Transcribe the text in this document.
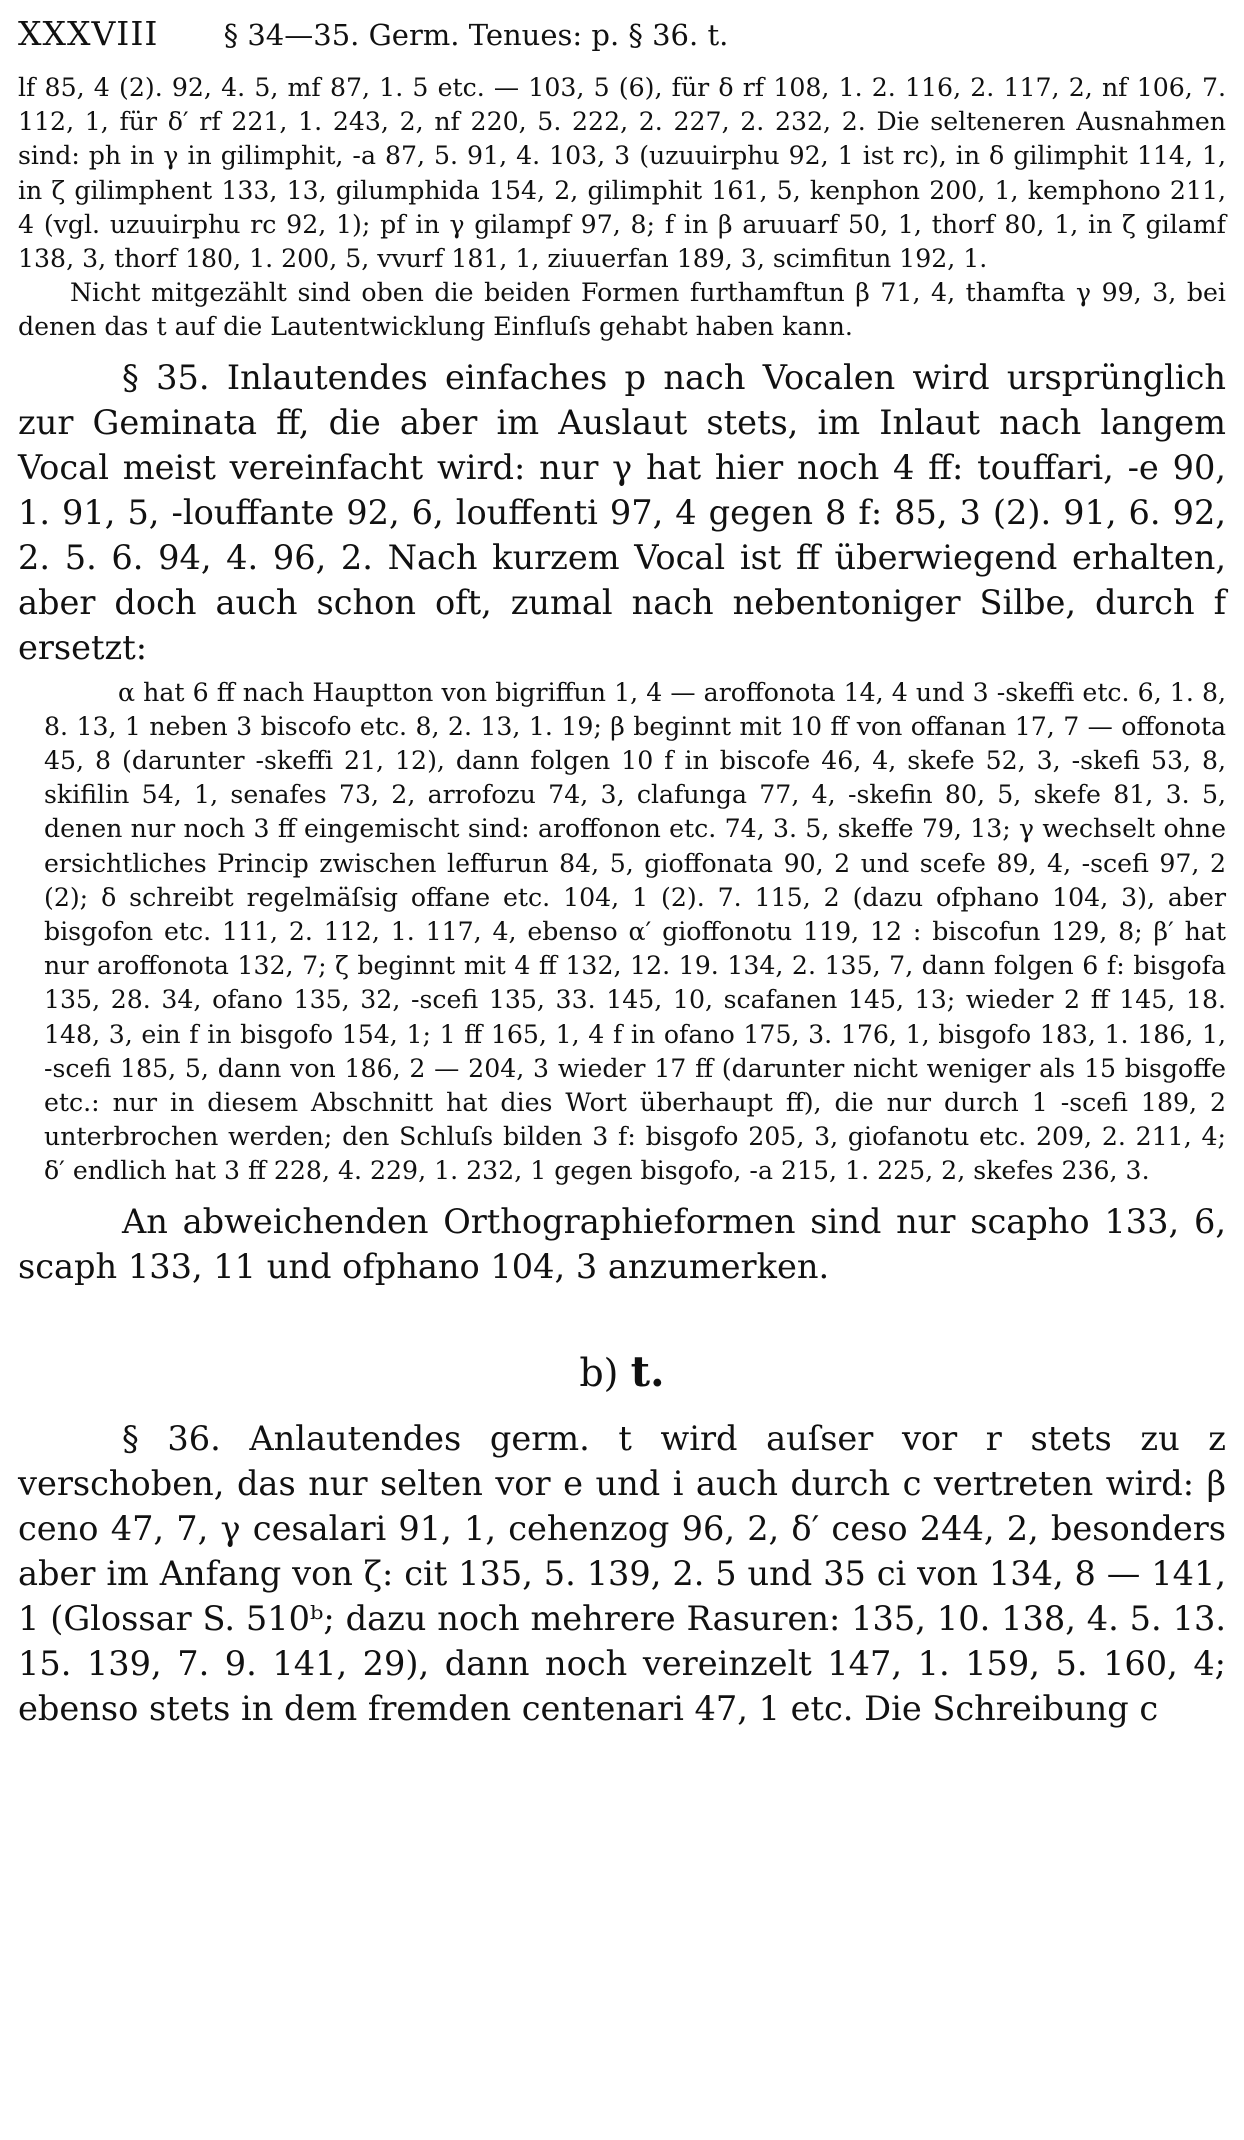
XXXVIII § 34—35. Germ. Tenues: p. § 36. t.

lf 85, 4 (2). 92, 4. 5, mf 87, 1. 5 etc. — 103, 5 (6), für δ rf 108, 1. 2. 116, 2. 117, 2, nf 106, 7. 112, 1, für δ′ rf 221, 1. 243, 2, nf 220, 5. 222, 2. 227, 2. 232, 2. Die selteneren Ausnahmen sind: ph in γ in gilimphit, -a 87, 5. 91, 4. 103, 3 (uzuuirphu 92, 1 ist rc), in δ gilimphit 114, 1, in ζ gilimphent 133, 13, gilumphida 154, 2, gilimphit 161, 5, kenphon 200, 1, kemphono 211, 4 (vgl. uzuuirphu rc 92, 1); pf in γ gilampf 97, 8; f in β aruuarf 50, 1, thorf 80, 1, in ζ gilamf 138, 3, thorf 180, 1. 200, 5, vvurf 181, 1, ziuuerfan 189, 3, scimfitun 192, 1.

Nicht mitgezählt sind oben die beiden Formen furthamftun β 71, 4, thamfta γ 99, 3, bei denen das t auf die Lautentwicklung Einfluſs gehabt haben kann.

§ 35. Inlautendes einfaches p nach Vocalen wird ursprünglich zur Geminata ff, die aber im Auslaut stets, im Inlaut nach langem Vocal meist vereinfacht wird: nur γ hat hier noch 4 ff: touffari, -e 90, 1. 91, 5, -louffante 92, 6, louffenti 97, 4 gegen 8 f: 85, 3 (2). 91, 6. 92, 2. 5. 6. 94, 4. 96, 2. Nach kurzem Vocal ist ff überwiegend erhalten, aber doch auch schon oft, zumal nach nebentoniger Silbe, durch f ersetzt:

α hat 6 ff nach Hauptton von bigriffun 1, 4 — aroffonota 14, 4 und 3 -skeffi etc. 6, 1. 8, 8. 13, 1 neben 3 biscofo etc. 8, 2. 13, 1. 19; β beginnt mit 10 ff von offanan 17, 7 — offonota 45, 8 (darunter -skeffi 21, 12), dann folgen 10 f in biscofe 46, 4, skefe 52, 3, -skefi 53, 8, skifilin 54, 1, senafes 73, 2, arrofozu 74, 3, clafunga 77, 4, -skefin 80, 5, skefe 81, 3. 5, denen nur noch 3 ff eingemischt sind: aroffonon etc. 74, 3. 5, skeffe 79, 13; γ wechselt ohne ersichtliches Princip zwischen leffurun 84, 5, gioffonata 90, 2 und scefe 89, 4, -scefi 97, 2 (2); δ schreibt regelmäſsig offane etc. 104, 1 (2). 7. 115, 2 (dazu ofphano 104, 3), aber bisgofon etc. 111, 2. 112, 1. 117, 4, ebenso α′ gioffonotu 119, 12 : biscofun 129, 8; β′ hat nur aroffonota 132, 7; ζ beginnt mit 4 ff 132, 12. 19. 134, 2. 135, 7, dann folgen 6 f: bisgofa 135, 28. 34, ofano 135, 32, -scefi 135, 33. 145, 10, scafanen 145, 13; wieder 2 ff 145, 18. 148, 3, ein f in bisgofo 154, 1; 1 ff 165, 1, 4 f in ofano 175, 3. 176, 1, bisgofo 183, 1. 186, 1, -scefi 185, 5, dann von 186, 2 — 204, 3 wieder 17 ff (darunter nicht weniger als 15 bisgoffe etc.: nur in diesem Abschnitt hat dies Wort überhaupt ff), die nur durch 1 -scefi 189, 2 unterbrochen werden; den Schluſs bilden 3 f: bisgofo 205, 3, giofanotu etc. 209, 2. 211, 4; δ′ endlich hat 3 ff 228, 4. 229, 1. 232, 1 gegen bisgofo, -a 215, 1. 225, 2, skefes 236, 3.

An abweichenden Orthographieformen sind nur scapho 133, 6, scaph 133, 11 und ofphano 104, 3 anzumerken.

b) t.

§ 36. Anlautendes germ. t wird auſser vor r stets zu z verschoben, das nur selten vor e und i auch durch c vertreten wird: β ceno 47, 7, γ cesalari 91, 1, cehenzog 96, 2, δ′ ceso 244, 2, besonders aber im Anfang von ζ: cit 135, 5. 139, 2. 5 und 35 ci von 134, 8 — 141, 1 (Glossar S. 510ᵇ; dazu noch mehrere Rasuren: 135, 10. 138, 4. 5. 13. 15. 139, 7. 9. 141, 29), dann noch vereinzelt 147, 1. 159, 5. 160, 4; ebenso stets in dem fremden centenari 47, 1 etc. Die Schreibung c
